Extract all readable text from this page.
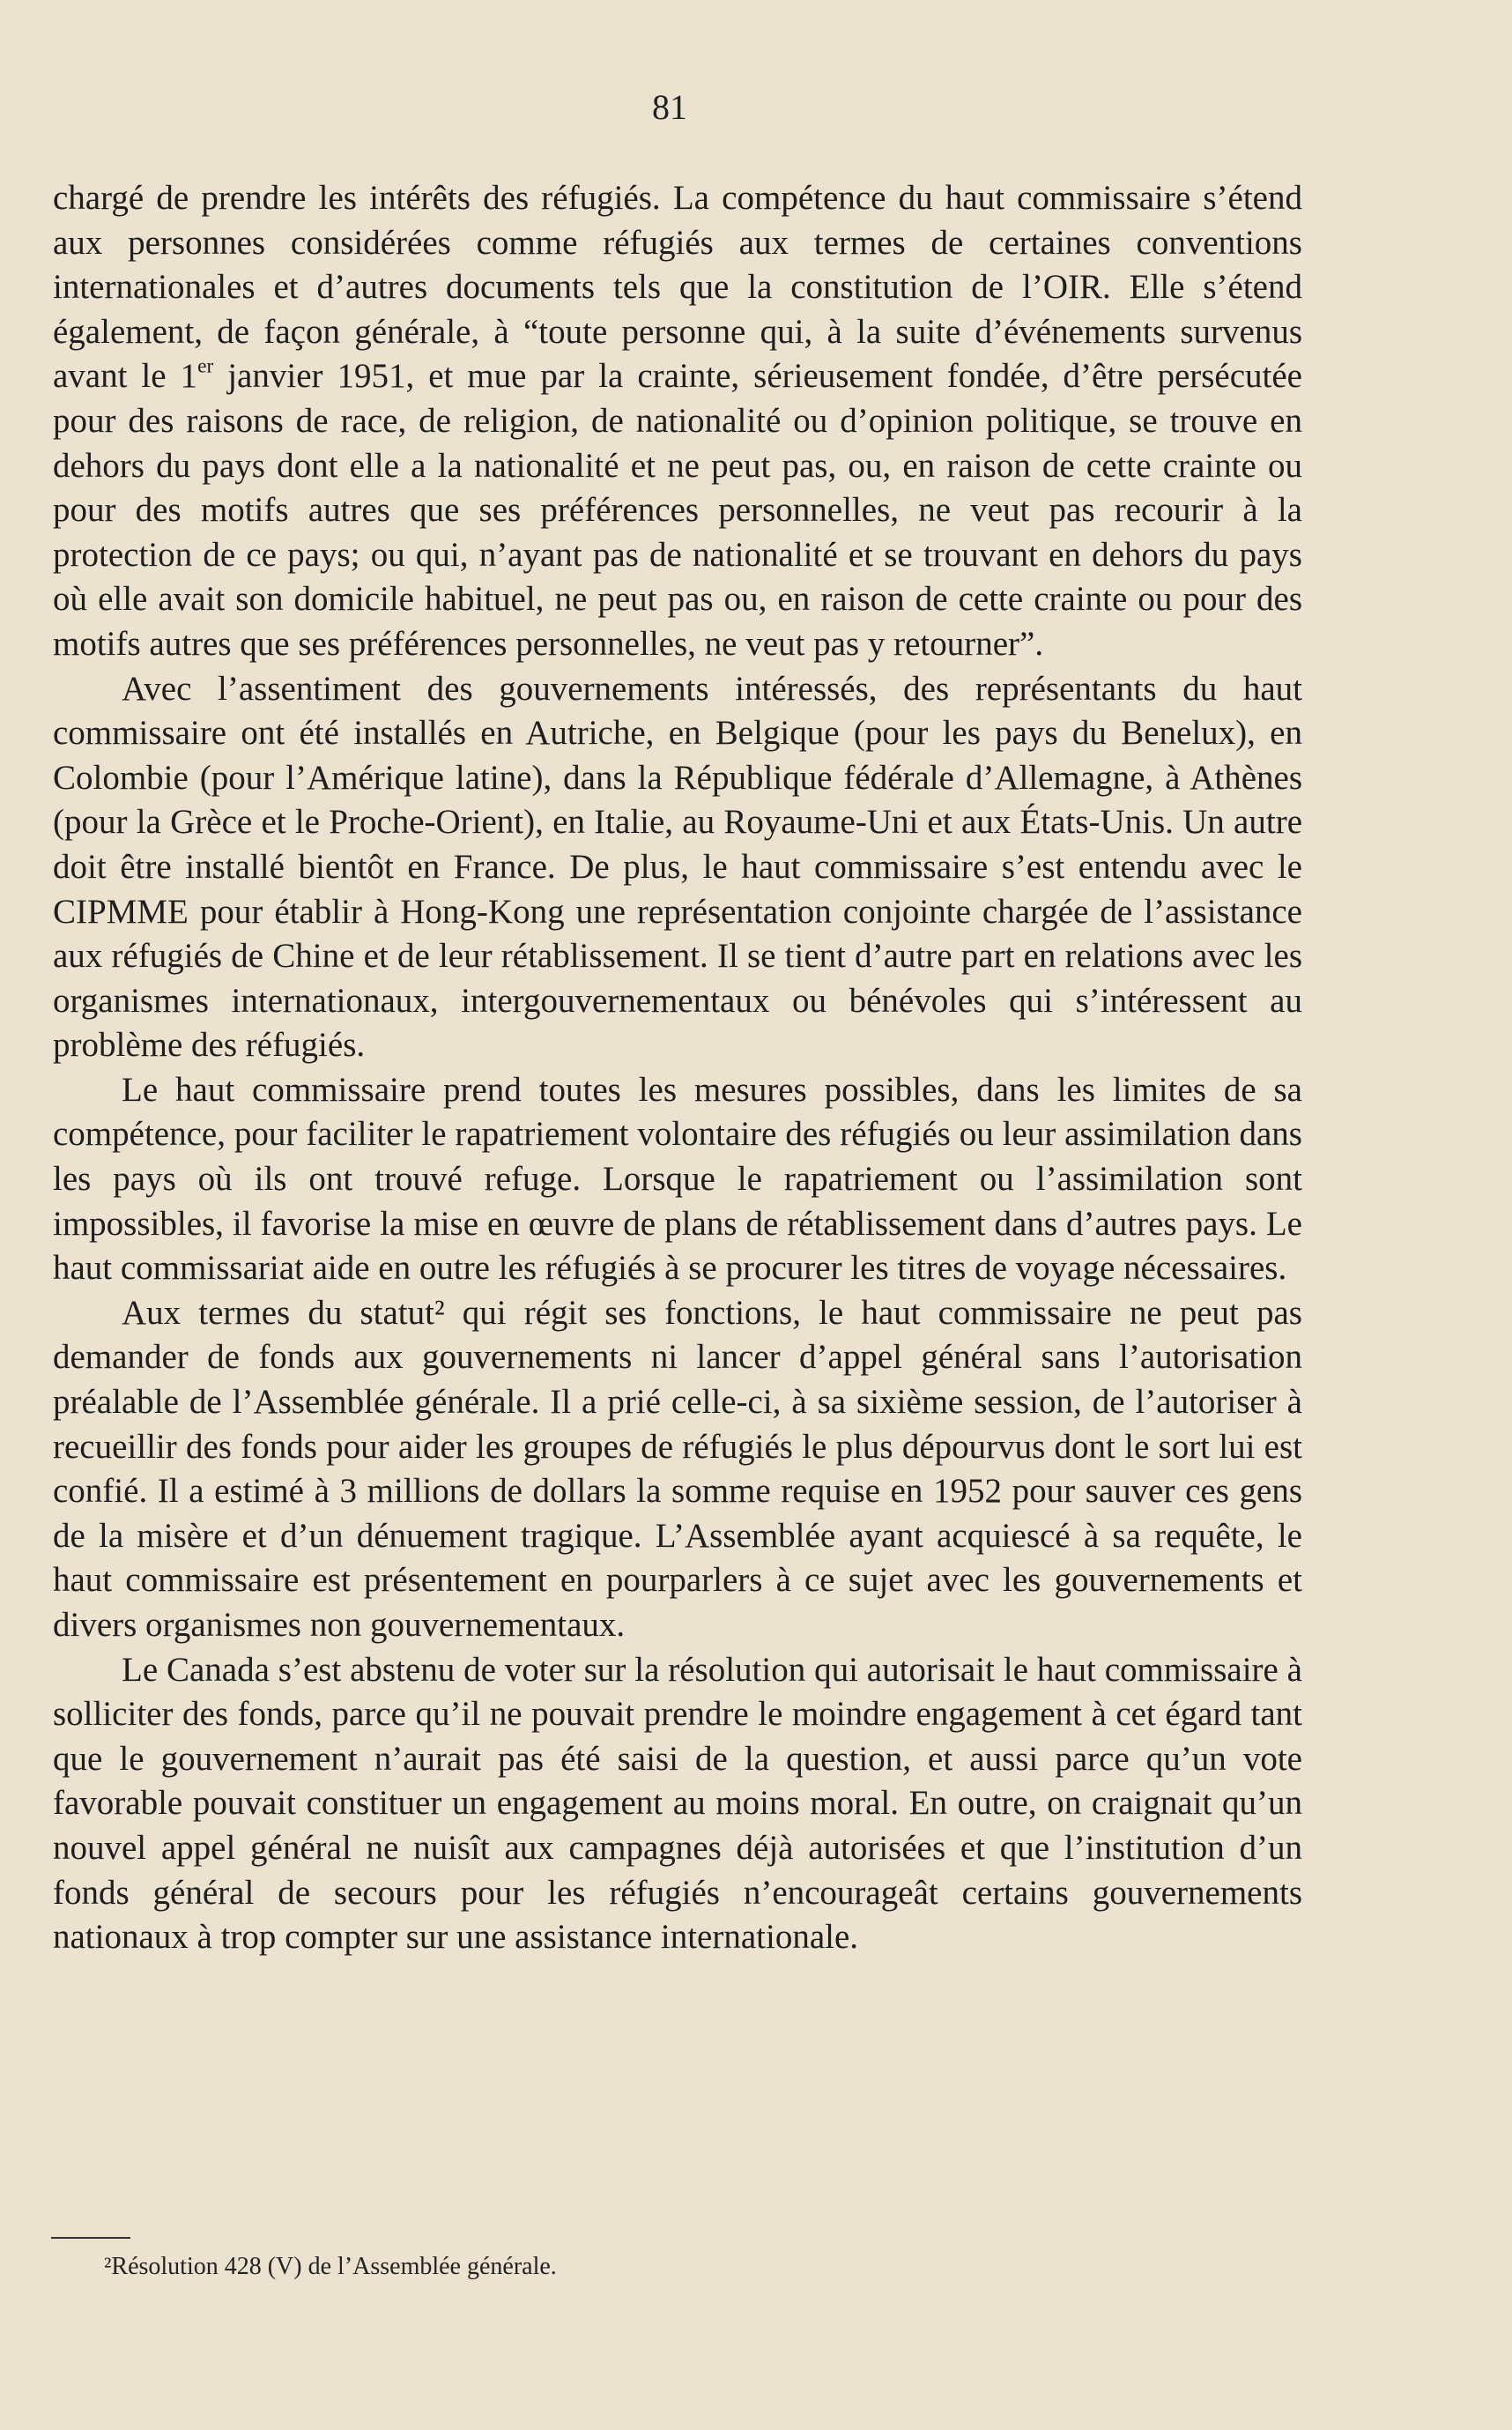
81

chargé de prendre les intérêts des réfugiés. La compétence du haut commissaire s’étend aux personnes considérées comme réfugiés aux termes de certaines conventions internationales et d’autres documents tels que la constitution de l’OIR. Elle s’étend également, de façon générale, à “toute personne qui, à la suite d’événements survenus avant le 1er janvier 1951, et mue par la crainte, sérieusement fondée, d’être persécutée pour des raisons de race, de religion, de nationalité ou d’opinion politique, se trouve en dehors du pays dont elle a la nationalité et ne peut pas, ou, en raison de cette crainte ou pour des motifs autres que ses préférences personnelles, ne veut pas recourir à la protection de ce pays; ou qui, n’ayant pas de nationalité et se trouvant en dehors du pays où elle avait son domicile habituel, ne peut pas ou, en raison de cette crainte ou pour des motifs autres que ses préférences personnelles, ne veut pas y retourner”.

Avec l’assentiment des gouvernements intéressés, des représentants du haut commissaire ont été installés en Autriche, en Belgique (pour les pays du Benelux), en Colombie (pour l’Amérique latine), dans la République fédérale d’Allemagne, à Athènes (pour la Grèce et le Proche-Orient), en Italie, au Royaume-Uni et aux États-Unis. Un autre doit être installé bientôt en France. De plus, le haut commissaire s’est entendu avec le CIPMME pour établir à Hong-Kong une représentation conjointe chargée de l’assistance aux réfugiés de Chine et de leur rétablissement. Il se tient d’autre part en relations avec les organismes internationaux, intergouvernementaux ou bénévoles qui s’intéressent au problème des réfugiés.

Le haut commissaire prend toutes les mesures possibles, dans les limites de sa compétence, pour faciliter le rapatriement volontaire des réfugiés ou leur assimilation dans les pays où ils ont trouvé refuge. Lorsque le rapatriement ou l’assimilation sont impossibles, il favorise la mise en œuvre de plans de rétablissement dans d’autres pays. Le haut commissariat aide en outre les réfugiés à se procurer les titres de voyage nécessaires.

Aux termes du statut² qui régit ses fonctions, le haut commissaire ne peut pas demander de fonds aux gouvernements ni lancer d’appel général sans l’autorisation préalable de l’Assemblée générale. Il a prié celle-ci, à sa sixième session, de l’autoriser à recueillir des fonds pour aider les groupes de réfugiés le plus dépourvus dont le sort lui est confié. Il a estimé à 3 millions de dollars la somme requise en 1952 pour sauver ces gens de la misère et d’un dénuement tragique. L’Assemblée ayant acquiescé à sa requête, le haut commissaire est présentement en pourparlers à ce sujet avec les gouvernements et divers organismes non gouvernementaux.

Le Canada s’est abstenu de voter sur la résolution qui autorisait le haut commissaire à solliciter des fonds, parce qu’il ne pouvait prendre le moindre engagement à cet égard tant que le gouvernement n’aurait pas été saisi de la question, et aussi parce qu’un vote favorable pouvait constituer un engagement au moins moral. En outre, on craignait qu’un nouvel appel général ne nuisît aux campagnes déjà autorisées et que l’institution d’un fonds général de secours pour les réfugiés n’encourageât certains gouvernements nationaux à trop compter sur une assistance internationale.

²Résolution 428 (V) de l’Assemblée générale.
